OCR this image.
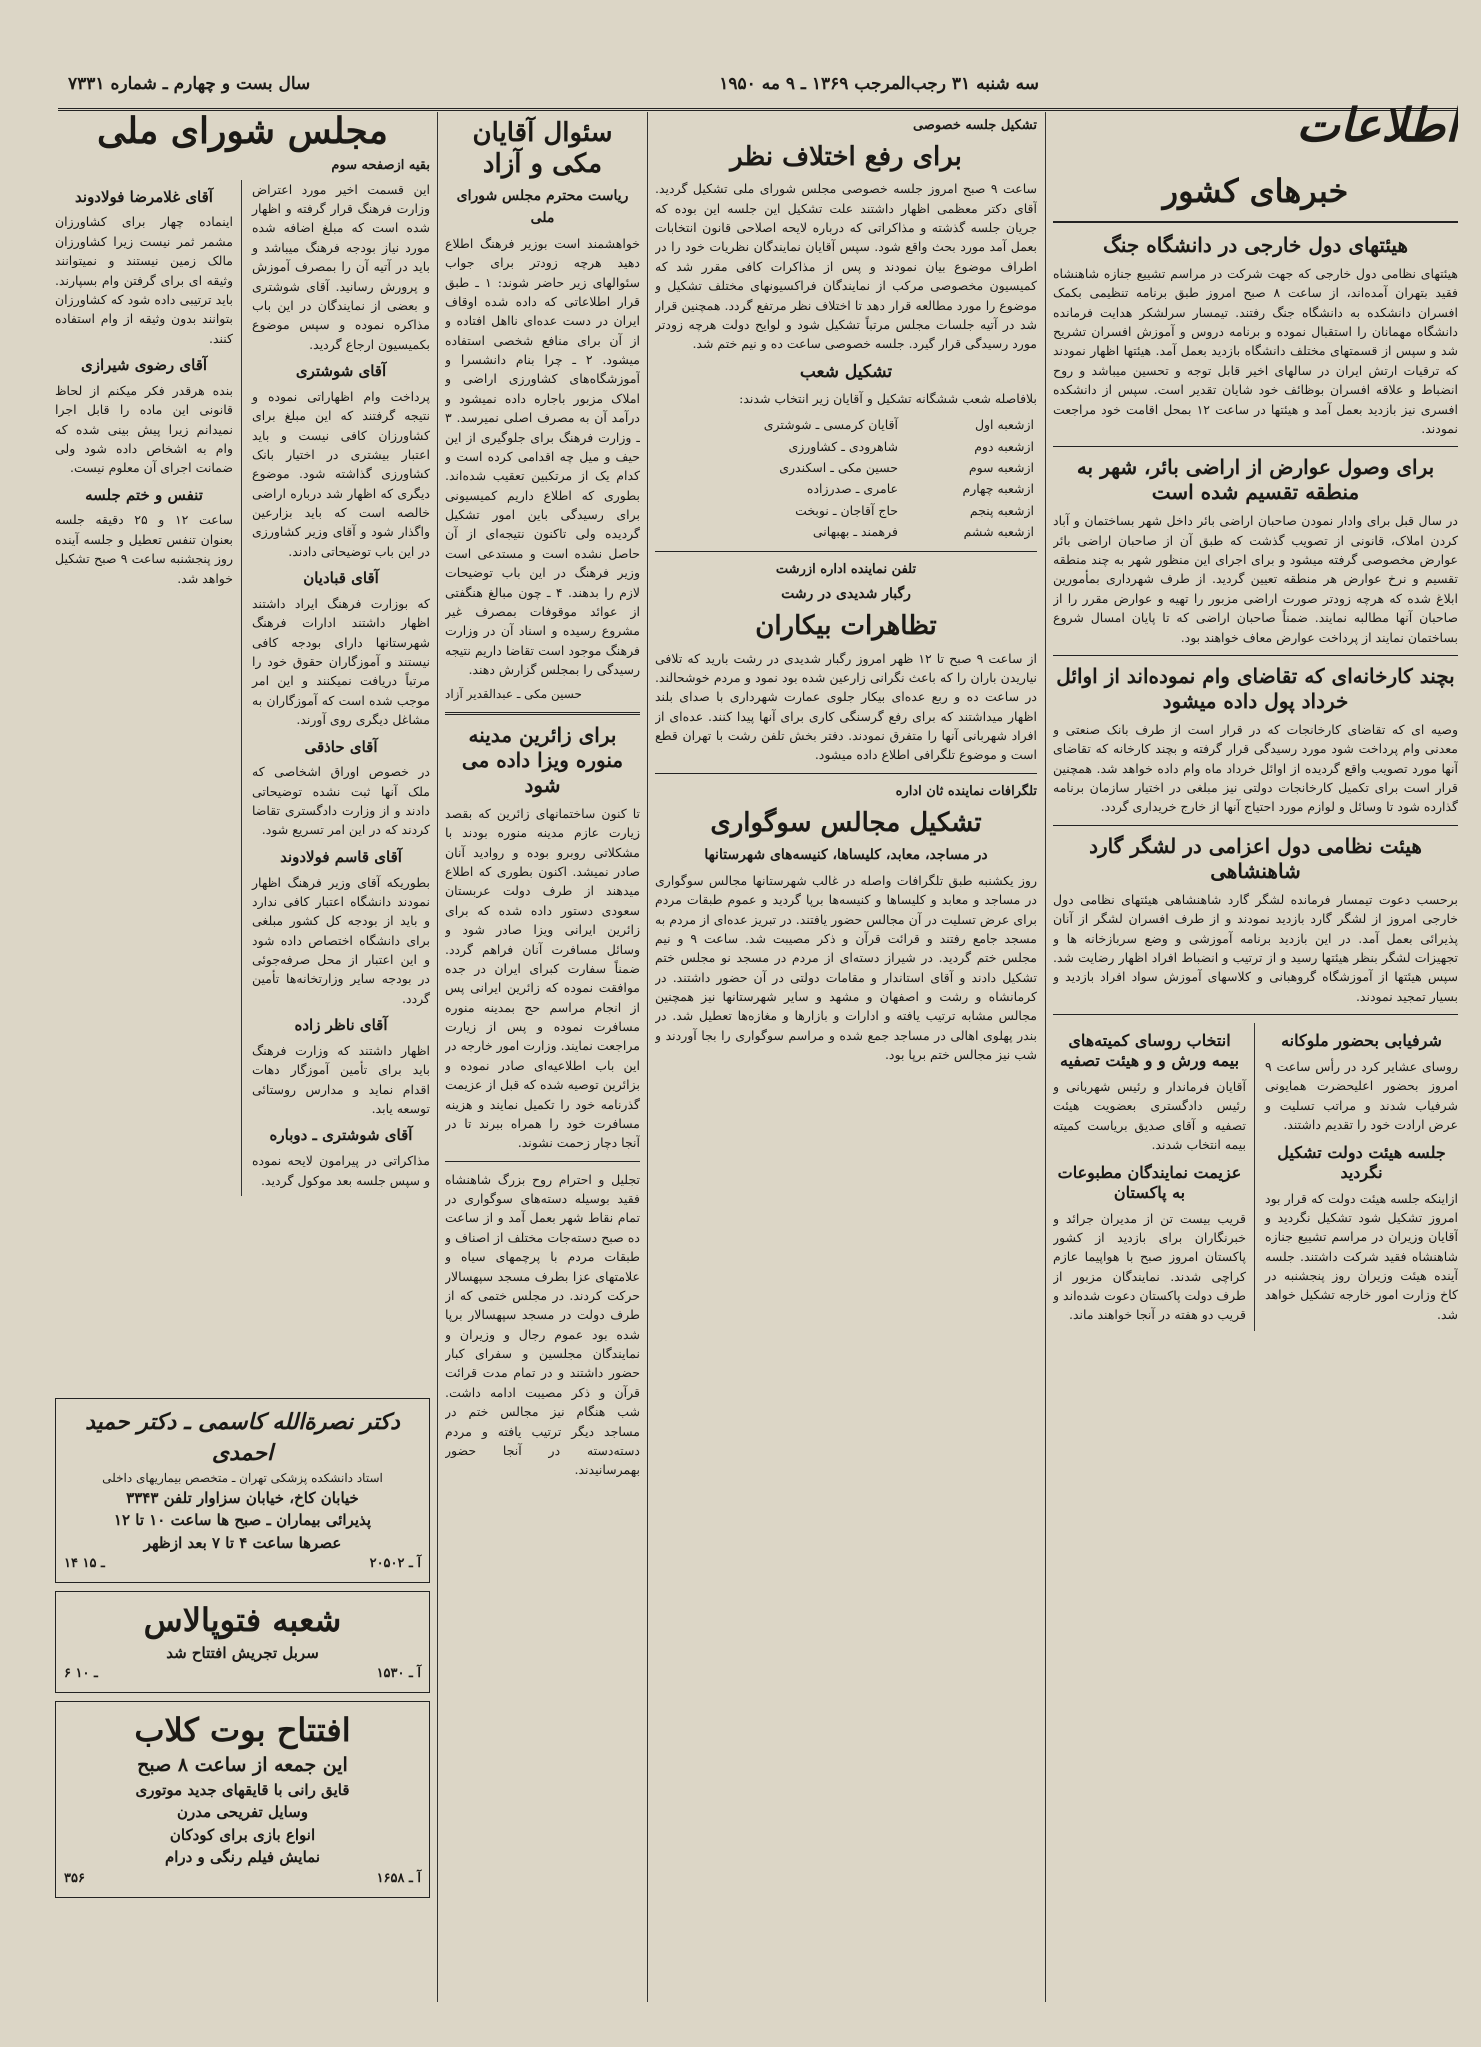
سه شنبه ۳۱ رجب‌المرجب ۱۳۶۹ ـ ۹ مه ۱۹۵۰
سال بست و چهارم ـ شماره ۷۳۳۱
اطلاعات
خبرهای کشور
هیئتهای دول خارجی در دانشگاه جنگ

هیئتهای نظامی دول خارجی که جهت شرکت در مراسم تشییع جنازه شاهنشاه فقید بتهران آمده‌اند، از ساعت ۸ صبح امروز طبق برنامه تنظیمی بکمک افسران دانشکده به دانشگاه جنگ رفتند. تیمسار سرلشکر هدایت فرمانده دانشگاه مهمانان را استقبال نموده و برنامه دروس و آموزش افسران تشریح شد و سپس از قسمتهای مختلف دانشگاه بازدید بعمل آمد. هیئتها اظهار نمودند که ترقیات ارتش ایران در سالهای اخیر قابل توجه و تحسین میباشد و روح انضباط و علاقه افسران بوظائف خود شایان تقدیر است. سپس از دانشکده افسری نیز بازدید بعمل آمد و هیئتها در ساعت ۱۲ بمحل اقامت خود مراجعت نمودند.

برای وصول عوارض از اراضی بائر، شهر به منطقه تقسیم شده است

در سال قبل برای وادار نمودن صاحبان اراضی بائر داخل شهر بساختمان و آباد کردن املاک، قانونی از تصویب گذشت که طبق آن از صاحبان اراضی بائر عوارض مخصوصی گرفته میشود و برای اجرای این منظور شهر به چند منطقه تقسیم و نرخ عوارض هر منطقه تعیین گردید. از طرف شهرداری بمأمورین ابلاغ شده که هرچه زودتر صورت اراضی مزبور را تهیه و عوارض مقرر را از صاحبان آنها مطالبه نمایند. ضمناً صاحبان اراضی که تا پایان امسال شروع بساختمان نمایند از پرداخت عوارض معاف خواهند بود.

بچند کارخانه‌ای که تقاضای وام نموده‌اند از اوائل خرداد پول داده میشود

وصیه ای که تقاضای کارخانجات که در قرار است از طرف بانک صنعتی و معدنی وام پرداخت شود مورد رسیدگی قرار گرفته و بچند کارخانه که تقاضای آنها مورد تصویب واقع گردیده از اوائل خرداد ماه وام داده خواهد شد. همچنین قرار است برای تکمیل کارخانجات دولتی نیز مبلغی در اختیار سازمان برنامه گذارده شود تا وسائل و لوازم مورد احتیاج آنها از خارج خریداری گردد.

هیئت نظامی دول اعزامی در لشگر گارد شاهنشاهی

برحسب دعوت تیمسار فرمانده لشگر گارد شاهنشاهی هیئتهای نظامی دول خارجی امروز از لشگر گارد بازدید نمودند و از طرف افسران لشگر از آنان پذیرائی بعمل آمد. در این بازدید برنامه آموزشی و وضع سربازخانه ها و تجهیزات لشگر بنظر هیئتها رسید و از ترتیب و انضباط افراد اظهار رضایت شد. سپس هیئتها از آموزشگاه گروهبانی و کلاسهای آموزش سواد افراد بازدید و بسیار تمجید نمودند.

شرفیابی بحضور ملوکانه

روسای عشایر کرد در رأس ساعت ۹ امروز بحضور اعلیحضرت همایونی شرفیاب شدند و مراتب تسلیت و عرض ارادت خود را تقدیم داشتند.

جلسه هیئت دولت تشکیل نگردید

ازاینکه جلسه هیئت دولت که قرار بود امروز تشکیل شود تشکیل نگردید و آقایان وزیران در مراسم تشییع جنازه شاهنشاه فقید شرکت داشتند. جلسه آینده هیئت وزیران روز پنجشنبه در کاخ وزارت امور خارجه تشکیل خواهد شد.

انتخاب روسای کمیته‌های بیمه ورش و و هیئت تصفیه

آقایان فرماندار و رئیس شهربانی و رئیس دادگستری بعضویت هیئت تصفیه و آقای صدیق بریاست کمیته بیمه انتخاب شدند.

عزیمت نمایندگان مطبوعات به پاکستان

قریب بیست تن از مدیران جرائد و خبرنگاران برای بازدید از کشور پاکستان امروز صبح با هواپیما عازم کراچی شدند. نمایندگان مزبور از طرف دولت پاکستان دعوت شده‌اند و قریب دو هفته در آنجا خواهند ماند.

تشکیل جلسه خصوصی
برای رفع اختلاف نظر

ساعت ۹ صبح امروز جلسه خصوصی مجلس شورای ملی تشکیل گردید. آقای دکتر معظمی اظهار داشتند علت تشکیل این جلسه این بوده که جریان جلسه گذشته و مذاکراتی که درباره لایحه اصلاحی قانون انتخابات بعمل آمد مورد بحث واقع شود. سپس آقایان نمایندگان نظریات خود را در اطراف موضوع بیان نمودند و پس از مذاکرات کافی مقرر شد که کمیسیون مخصوصی مرکب از نمایندگان فراکسیونهای مختلف تشکیل و موضوع را مورد مطالعه قرار دهد تا اختلاف نظر مرتفع گردد. همچنین قرار شد در آتیه جلسات مجلس مرتباً تشکیل شود و لوایح دولت هرچه زودتر مورد رسیدگی قرار گیرد. جلسه خصوصی ساعت ده و نیم ختم شد.

تشکیل شعب

بلافاصله شعب ششگانه تشکیل و آقایان زیر انتخاب شدند:

ازشعبه اول	آقایان کرمسی ـ شوشتری
ازشعبه دوم	شاهرودی ـ کشاورزی
ازشعبه سوم	حسین مکی ـ اسکندری
ازشعبه چهارم	عامری ـ صدرزاده
ازشعبه پنجم	حاج آقاجان ـ نوبخت
ازشعبه ششم	فرهمند ـ بهبهانی
تلفن نماینده اداره ازرشت
رگبار شدیدی در رشت
تظاهرات بیکاران

از ساعت ۹ صبح تا ۱۲ ظهر امروز رگبار شدیدی در رشت بارید که تلافی نیاریدن باران را که باعث نگرانی زارعین شده بود نمود و مردم خوشحالند. در ساعت ده و ربع عده‌ای بیکار جلوی عمارت شهرداری با صدای بلند اظهار میداشتند که برای رفع گرسنگی کاری برای آنها پیدا کنند. عده‌ای از افراد شهربانی آنها را متفرق نمودند. دفتر بخش تلفن رشت با تهران قطع است و موضوع تلگرافی اطلاع داده میشود.

تلگرافات نماینده ثان اداره
تشکیل مجالس سوگواری
در مساجد، معابد، کلیساها، کنیسه‌های شهرستانها

روز یکشنبه طبق تلگرافات واصله در غالب شهرستانها مجالس سوگواری در مساجد و معابد و کلیساها و کنیسه‌ها برپا گردید و عموم طبقات مردم برای عرض تسلیت در آن مجالس حضور یافتند. در تبریز عده‌ای از مردم به مسجد جامع رفتند و قرائت قرآن و ذکر مصیبت شد. ساعت ۹ و نیم مجلس ختم گردید. در شیراز دسته‌ای از مردم در مسجد نو مجلس ختم تشکیل دادند و آقای استاندار و مقامات دولتی در آن حضور داشتند. در کرمانشاه و رشت و اصفهان و مشهد و سایر شهرستانها نیز همچنین مجالس مشابه ترتیب یافته و ادارات و بازارها و مغازه‌ها تعطیل شد. در بندر پهلوی اهالی در مساجد جمع شده و مراسم سوگواری را بجا آوردند و شب نیز مجالس ختم برپا بود.

سئوال آقایان مکی و آزاد
ریاست محترم مجلس شورای ملی

خواهشمند است بوزیر فرهنگ اطلاع دهید هرچه زودتر برای جواب سئوالهای زیر حاضر شوند: ۱ ـ طبق قرار اطلاعاتی که داده شده اوقاف ایران در دست عده‌ای نااهل افتاده و از آن برای منافع شخصی استفاده میشود. ۲ ـ چرا بنام دانشسرا و آموزشگاه‌های کشاورزی اراضی و املاک مزبور باجاره داده نمیشود و درآمد آن به مصرف اصلی نمیرسد. ۳ ـ وزارت فرهنگ برای جلوگیری از این حیف و میل چه اقدامی کرده است و کدام یک از مرتکبین تعقیب شده‌اند. بطوری که اطلاع داریم کمیسیونی برای رسیدگی باین امور تشکیل گردیده ولی تاکنون نتیجه‌ای از آن حاصل نشده است و مستدعی است وزیر فرهنگ در این باب توضیحات لازم را بدهند. ۴ ـ چون مبالغ هنگفتی از عوائد موقوفات بمصرف غیر مشروع رسیده و اسناد آن در وزارت فرهنگ موجود است تقاضا داریم نتیجه رسیدگی را بمجلس گزارش دهند.

حسین مکی ـ عبدالقدیر آزاد
برای زائرین مدینه منوره ویزا داده می شود

تا کنون ساختمانهای زائرین که بقصد زیارت عازم مدینه منوره بودند با مشکلاتی روبرو بوده و روادید آنان صادر نمیشد. اکنون بطوری که اطلاع میدهند از طرف دولت عربستان سعودی دستور داده شده که برای زائرین ایرانی ویزا صادر شود و وسائل مسافرت آنان فراهم گردد. ضمناً سفارت کبرای ایران در جده موافقت نموده که زائرین ایرانی پس از انجام مراسم حج بمدینه منوره مسافرت نموده و پس از زیارت مراجعت نمایند. وزارت امور خارجه در این باب اطلاعیه‌ای صادر نموده و بزائرین توصیه شده که قبل از عزیمت گذرنامه خود را تکمیل نمایند و هزینه مسافرت خود را همراه ببرند تا در آنجا دچار زحمت نشوند.

تجلیل و احترام روح بزرگ شاهنشاه فقید بوسیله دسته‌های سوگواری در تمام نقاط شهر بعمل آمد و از ساعت ده صبح دسته‌جات مختلف از اصناف و طبقات مردم با پرچمهای سیاه و علامتهای عزا بطرف مسجد سپهسالار حرکت کردند. در مجلس ختمی که از طرف دولت در مسجد سپهسالار برپا شده بود عموم رجال و وزیران و نمایندگان مجلسین و سفرای کبار حضور داشتند و در تمام مدت قرائت قرآن و ذکر مصیبت ادامه داشت. شب هنگام نیز مجالس ختم در مساجد دیگر ترتیب یافته و مردم دسته‌دسته در آنجا حضور بهمرسانیدند.

مجلس شورای ملی
بقیه ازصفحه سوم

این قسمت اخیر مورد اعتراض وزارت فرهنگ قرار گرفته و اظهار شده است که مبلغ اضافه شده مورد نیاز بودجه فرهنگ میباشد و باید در آتیه آن را بمصرف آموزش و پرورش رسانید. آقای شوشتری و بعضی از نمایندگان در این باب مذاکره نموده و سپس موضوع بکمیسیون ارجاع گردید.

آقای شوشتری

پرداخت وام اظهاراتی نموده و نتیجه گرفتند که این مبلغ برای کشاورزان کافی نیست و باید اعتبار بیشتری در اختیار بانک کشاورزی گذاشته شود. موضوع دیگری که اظهار شد درباره اراضی خالصه است که باید بزارعین واگذار شود و آقای وزیر کشاورزی در این باب توضیحاتی دادند.

آقای قبادیان

که بوزارت فرهنگ ایراد داشتند اظهار داشتند ادارات فرهنگ شهرستانها دارای بودجه کافی نیستند و آموزگاران حقوق خود را مرتباً دریافت نمیکنند و این امر موجب شده است که آموزگاران به مشاغل دیگری روی آورند.

آقای حاذقی

در خصوص اوراق اشخاصی که ملک آنها ثبت نشده توضیحاتی دادند و از وزارت دادگستری تقاضا کردند که در این امر تسریع شود.

آقای قاسم فولادوند

بطوریکه آقای وزیر فرهنگ اظهار نمودند دانشگاه اعتبار کافی ندارد و باید از بودجه کل کشور مبلغی برای دانشگاه اختصاص داده شود و این اعتبار از محل صرفه‌جوئی در بودجه سایر وزارتخانه‌ها تأمین گردد.

آقای ناظر زاده

اظهار داشتند که وزارت فرهنگ باید برای تأمین آموزگار دهات اقدام نماید و مدارس روستائی توسعه یابد.

آقای شوشتری ـ دوباره

مذاکراتی در پیرامون لایحه نموده و سپس جلسه بعد موکول گردید.

آقای غلامرضا فولادوند

اینماده چهار برای کشاورزان مشمر ثمر نیست زیرا کشاورزان مالک زمین نیستند و نمیتوانند وثیقه ای برای گرفتن وام بسپارند. باید ترتیبی داده شود که کشاورزان بتوانند بدون وثیقه از وام استفاده کنند.

آقای رضوی شیرازی

بنده هرقدر فکر میکنم از لحاظ قانونی این ماده را قابل اجرا نمیدانم زیرا پیش بینی شده که وام به اشخاص داده شود ولی ضمانت اجرای آن معلوم نیست.

تنفس و ختم جلسه

ساعت ۱۲ و ۲۵ دقیقه جلسه بعنوان تنفس تعطیل و جلسه آینده روز پنجشنبه ساعت ۹ صبح تشکیل خواهد شد.

دکتر نصرة‌الله کاسمی ـ دکتر حمید احمدی
استاد دانشکده پزشکی تهران ـ متخصص بیماریهای داخلی
خیابان کاخ، خیابان سزاوار تلفن ۳۳۴۳
پذیرائی بیماران ـ صبح ها ساعت ۱۰ تا ۱۲
عصرها ساعت ۴ تا ۷ بعد ازظهر
آ ـ ۲۰۵۰۲
۱۴ ـ ۱۵
شعبه فتوپالاس
سربل تجریش افتتاح شد
آ ـ ۱۵۳۰
۶ ـ ۱۰
افتتاح بوت کلاب
این جمعه از ساعت ۸ صبح
قایق رانی با قایقهای جدید موتوری
وسایل تفریحی مدرن
انواع بازی برای کودکان
نمایش فیلم رنگی و درام
آ ـ ۱۶۵۸
۳۵۶
